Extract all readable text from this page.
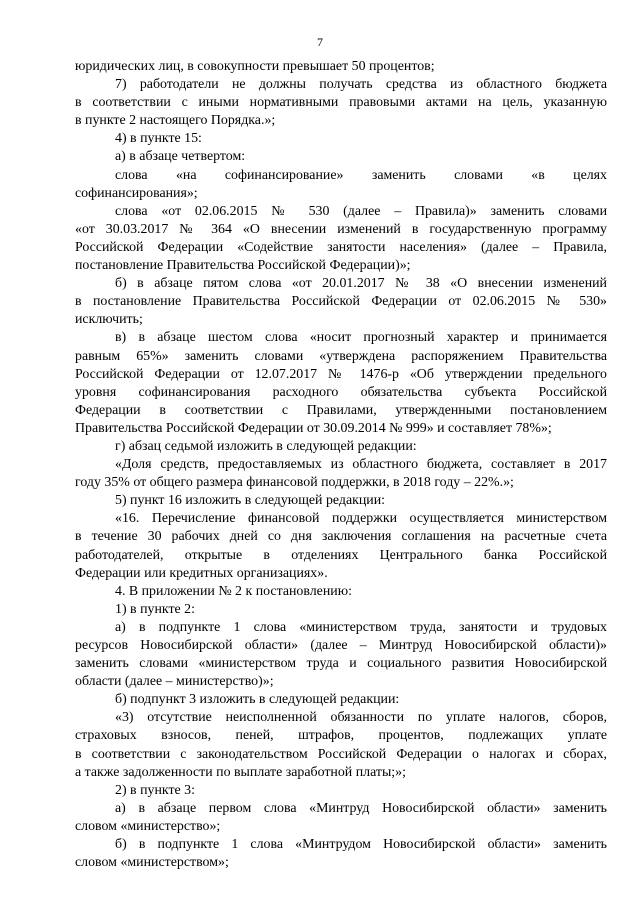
7
юридических лиц, в совокупности превышает 50 процентов;
7) работодатели не должны получать средства из областного бюджета
в соответствии с иными нормативными правовыми актами на цель, указанную
в пункте 2 настоящего Порядка.»;
4) в пункте 15:
а) в абзаце четвертом:
слова «на софинансирование» заменить словами «в целях
софинансирования»;
слова «от 02.06.2015 № 530 (далее – Правила)» заменить словами
«от 30.03.2017 № 364 «О внесении изменений в государственную программу
Российской Федерации «Содействие занятости населения» (далее – Правила,
постановление Правительства Российской Федерации)»;
б) в абзаце пятом слова «от 20.01.2017 № 38 «О внесении изменений
в постановление Правительства Российской Федерации от 02.06.2015 № 530»
исключить;
в) в абзаце шестом слова «носит прогнозный характер и принимается
равным 65%» заменить словами «утверждена распоряжением Правительства
Российской Федерации от 12.07.2017 № 1476-р «Об утверждении предельного
уровня софинансирования расходного обязательства субъекта Российской
Федерации в соответствии с Правилами, утвержденными постановлением
Правительства Российской Федерации от 30.09.2014 № 999» и составляет 78%»;
г) абзац седьмой изложить в следующей редакции:
«Доля средств, предоставляемых из областного бюджета, составляет в 2017
году 35% от общего размера финансовой поддержки, в 2018 году – 22%.»;
5) пункт 16 изложить в следующей редакции:
«16. Перечисление финансовой поддержки осуществляется министерством
в течение 30 рабочих дней со дня заключения соглашения на расчетные счета
работодателей, открытые в отделениях Центрального банка Российской
Федерации или кредитных организациях».
4. В приложении № 2 к постановлению:
1) в пункте 2:
а) в подпункте 1 слова «министерством труда, занятости и трудовых
ресурсов Новосибирской области» (далее – Минтруд Новосибирской области)»
заменить словами «министерством труда и социального развития Новосибирской
области (далее – министерство)»;
б) подпункт 3 изложить в следующей редакции:
«3) отсутствие неисполненной обязанности по уплате налогов, сборов,
страховых взносов, пеней, штрафов, процентов, подлежащих уплате
в соответствии с законодательством Российской Федерации о налогах и сборах,
а также задолженности по выплате заработной платы;»;
2) в пункте 3:
а) в абзаце первом слова «Минтруд Новосибирской области» заменить
словом «министерство»;
б) в подпункте 1 слова «Минтрудом Новосибирской области» заменить
словом «министерством»;
